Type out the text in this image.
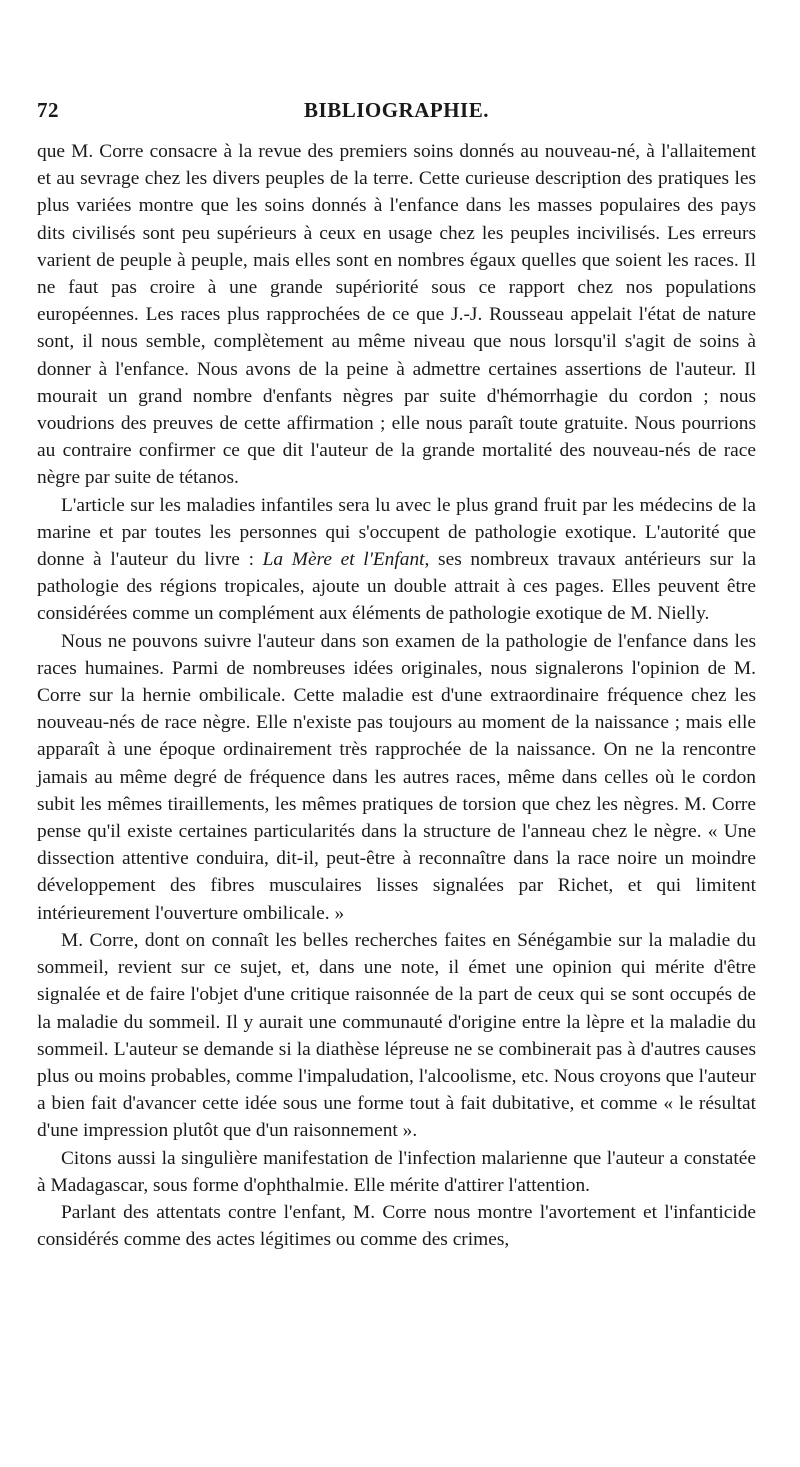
72	BIBLIOGRAPHIE.

que M. Corre consacre à la revue des premiers soins donnés au nouveau-né, à l'allaitement et au sevrage chez les divers peuples de la terre. Cette curieuse description des pratiques les plus variées montre que les soins donnés à l'enfance dans les masses populaires des pays dits civilisés sont peu supérieurs à ceux en usage chez les peuples incivilisés. Les erreurs varient de peuple à peuple, mais elles sont en nombres égaux quelles que soient les races. Il ne faut pas croire à une grande supériorité sous ce rapport chez nos populations européennes. Les races plus rapprochées de ce que J.-J. Rousseau appelait l'état de nature sont, il nous semble, complètement au même niveau que nous lorsqu'il s'agit de soins à donner à l'enfance. Nous avons de la peine à admettre certaines assertions de l'auteur. Il mourait un grand nombre d'enfants nègres par suite d'hémorrhagie du cordon ; nous voudrions des preuves de cette affirmation ; elle nous paraît toute gratuite. Nous pourrions au contraire confirmer ce que dit l'auteur de la grande mortalité des nouveau-nés de race nègre par suite de tétanos.

L'article sur les maladies infantiles sera lu avec le plus grand fruit par les médecins de la marine et par toutes les personnes qui s'occupent de pathologie exotique. L'autorité que donne à l'auteur du livre : La Mère et l'Enfant, ses nombreux travaux antérieurs sur la pathologie des régions tropicales, ajoute un double attrait à ces pages. Elles peuvent être considérées comme un complément aux éléments de pathologie exotique de M. Nielly.

Nous ne pouvons suivre l'auteur dans son examen de la pathologie de l'enfance dans les races humaines. Parmi de nombreuses idées originales, nous signalerons l'opinion de M. Corre sur la hernie ombilicale. Cette maladie est d'une extraordinaire fréquence chez les nouveau-nés de race nègre. Elle n'existe pas toujours au moment de la naissance ; mais elle apparaît à une époque ordinairement très rapprochée de la naissance. On ne la rencontre jamais au même degré de fréquence dans les autres races, même dans celles où le cordon subit les mêmes tiraillements, les mêmes pratiques de torsion que chez les nègres. M. Corre pense qu'il existe certaines particularités dans la structure de l'anneau chez le nègre. « Une dissection attentive conduira, dit-il, peut-être à reconnaître dans la race noire un moindre développement des fibres musculaires lisses signalées par Richet, et qui limitent intérieurement l'ouverture ombilicale. »

M. Corre, dont on connaît les belles recherches faites en Sénégambie sur la maladie du sommeil, revient sur ce sujet, et, dans une note, il émet une opinion qui mérite d'être signalée et de faire l'objet d'une critique raisonnée de la part de ceux qui se sont occupés de la maladie du sommeil. Il y aurait une communauté d'origine entre la lèpre et la maladie du sommeil. L'auteur se demande si la diathèse lépreuse ne se combinerait pas à d'autres causes plus ou moins probables, comme l'impaludation, l'alcoolisme, etc. Nous croyons que l'auteur a bien fait d'avancer cette idée sous une forme tout à fait dubitative, et comme « le résultat d'une impression plutôt que d'un raisonnement ».

Citons aussi la singulière manifestation de l'infection malarienne que l'auteur a constatée à Madagascar, sous forme d'ophthalmie. Elle mérite d'attirer l'attention.

Parlant des attentats contre l'enfant, M. Corre nous montre l'avortement et l'infanticide considérés comme des actes légitimes ou comme des crimes,
